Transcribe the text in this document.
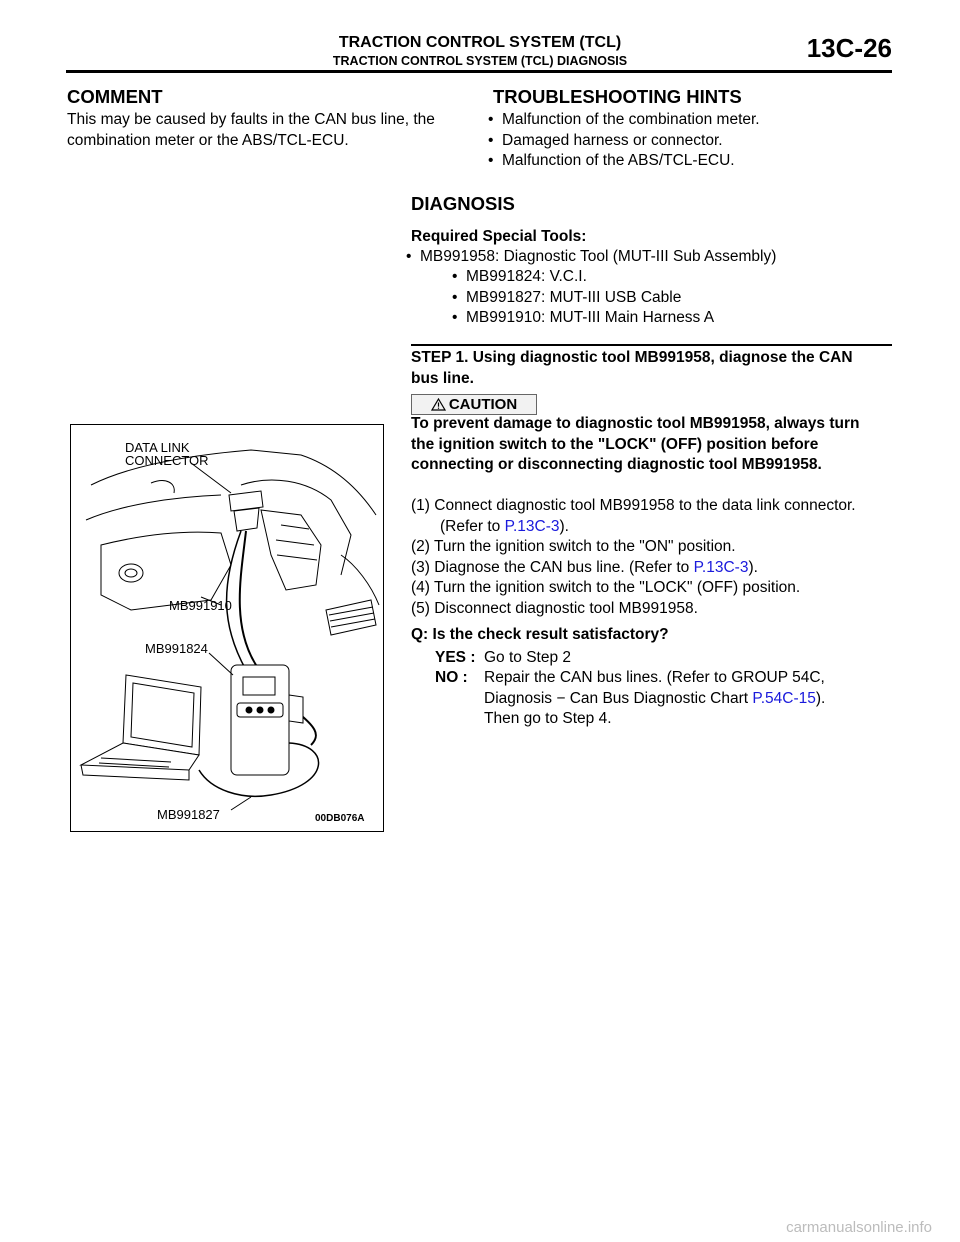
TRACTION CONTROL SYSTEM (TCL)
TRACTION CONTROL SYSTEM (TCL) DIAGNOSIS	13C-26
COMMENT
This may be caused by faults in the CAN bus line, the combination meter or the ABS/TCL-ECU.
TROUBLESHOOTING HINTS
• Malfunction of the combination meter.
• Damaged harness or connector.
• Malfunction of the ABS/TCL-ECU.
DIAGNOSIS
Required Special Tools:
• MB991958: Diagnostic Tool (MUT-III Sub Assembly)
• MB991824: V.C.I.
• MB991827: MUT-III USB Cable
• MB991910: MUT-III Main Harness A
STEP 1. Using diagnostic tool MB991958, diagnose the CAN bus line.
CAUTION
To prevent damage to diagnostic tool MB991958, always turn the ignition switch to the "LOCK" (OFF) position before connecting or disconnecting diagnostic tool MB991958.
(1) Connect diagnostic tool MB991958 to the data link connector. (Refer to P.13C-3).
(2) Turn the ignition switch to the "ON" position.
(3) Diagnose the CAN bus line. (Refer to P.13C-3).
(4) Turn the ignition switch to the "LOCK" (OFF) position.
(5) Disconnect diagnostic tool MB991958.
Q: Is the check result satisfactory?
YES : Go to Step 2
NO : Repair the CAN bus lines. (Refer to GROUP 54C, Diagnosis − Can Bus Diagnostic Chart P.54C-15).
Then go to Step 4.
DATA LINK
CONNECTOR
MB991910
MB991824
MB991827	00DB076A
carmanualsonline.info
